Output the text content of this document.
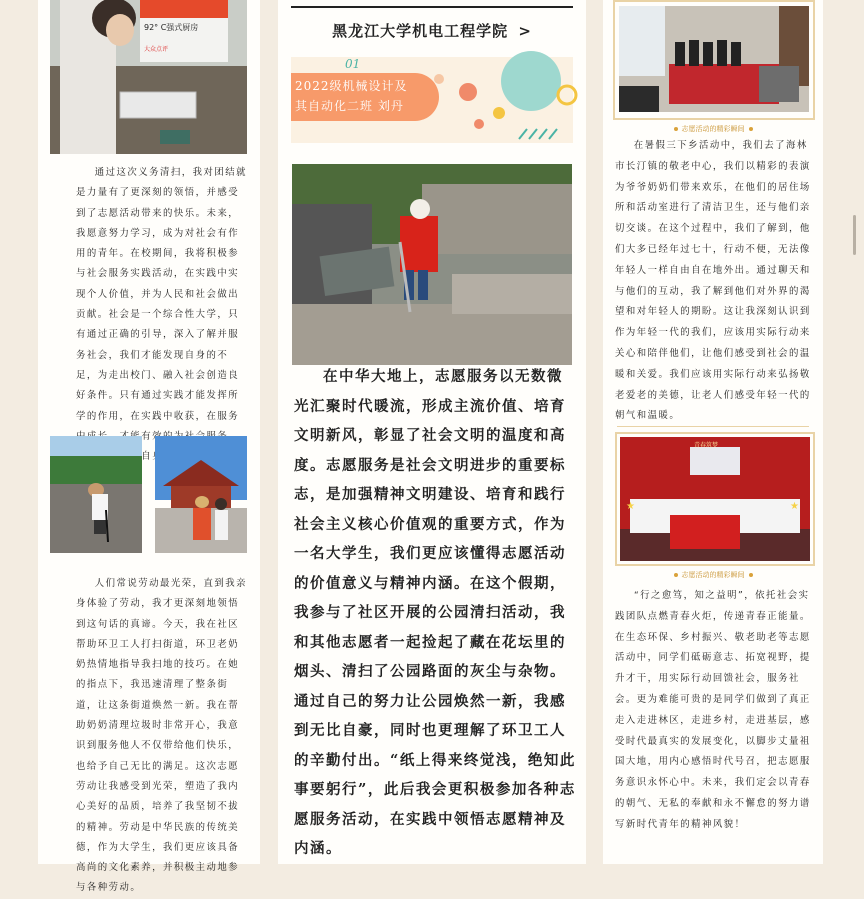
92° C强式厨房
大众点评
通过这次义务清扫，我对团结就是力量有了更深刻的领悟，并感受到了志愿活动带来的快乐。未来，我愿意努力学习，成为对社会有作用的青年。在校期间，我将积极参与社会服务实践活动，在实践中实现个人价值，并为人民和社会做出贡献。社会是一个综合性大学，只有通过正确的引导，深入了解并服务社会，我们才能发现自身的不足，为走出校门、融入社会创造良好条件。只有通过实践才能发挥所学的作用，在实践中收获，在服务 能有效 自
人们常说劳动最光荣，直到我亲身体验了劳动，我才更深刻地领悟到这句话的真谛。今天，我在社区帮助环卫工人打扫街道，环卫老奶奶热情地指导我扫地的技巧。在她的指点下，我迅速清理了整条街道，让这条街道焕然一新。我在帮助奶奶清理垃圾时非常开心，我意识到服务他人不仅带给他们快乐，也给予自己无比的满足。这次志愿劳动让我感受到光荣，塑造了我内心美好的品质，培养了我坚韧不拔的精神。劳动是中华民族的传统美德，作为大学生，我们更应该具备高尚的文化素养，并积极主动地参与各种劳动。
黑龙江大学机电工程学院 >
01
2022级机械设计及
其自动化二班 刘丹
在中华大地上，志愿服务以无数微光汇聚时代暖流，形成主流价值、培育文明新风，彰显了社会文明的温度和高度。志愿服务是社会文明进步的重要标志，是加强精神文明建设、培育和践行社会主义核心价值观的重要方式，作为一名大学生，我们更应该懂得志愿活动的价值意义与精神内涵。在这个假期，我参与了社区开展的公园清扫活动，我和其他志愿者一起捡起了藏在花坛里的烟头、清扫了公园路面的灰尘与杂物。通过自己的努力让公园焕然一新，我感到无比自豪，同时也更理解了环卫工人的辛勤付出。“纸上得来终觉浅，绝知此事要躬行”，此后我会更积极参加各种志愿服务活动，在实践中领悟志愿精神及内涵。
志愿活动的精彩瞬间
在暑假三下乡活动中，我们去了海林市长汀镇的敬老中心，我们以精彩的表演为爷爷奶奶们带来欢乐，在他们的居住场所和活动室进行了清洁卫生，还与他们亲切交谈。在这个过程中，我们了解到，他们大多已经年过七十，行动不便，无法像年轻人一样自由自在地外出。通过聊天和与他们的互动，我了解到他们对外界的渴望和对年轻人的期盼。这让我深刻认识到作为年轻一代的我们，应该用实际行动来关心和陪伴他们，让他们感受到社会的温暖和关爱。我们应该用实际行动来弘扬敬老爱老的美德，让老人们感受年轻一代的朝气和温暖。
★	★
青春筑梦
志愿活动的精彩瞬间
“行之愈笃，知之益明”，依托社会实践团队点燃青春火炬，传递青春正能量。在生态环保、乡村振兴、敬老助老等志愿活动中，同学们砥砺意志、拓宽视野，提升才干，用实际行动回馈社会，服务社会。更为难能可贵的是同学们做到了真正走入走进林区，走进乡村，走进基层，感受时代最真实的发展变化，以脚步丈量祖国大地，用内心感悟时代号召，把志愿服务意识永怀心中。未来，我们定会以青春的朝气、无私的奉献和永不懈怠的努力谱写新时代青年的精神风貌！
